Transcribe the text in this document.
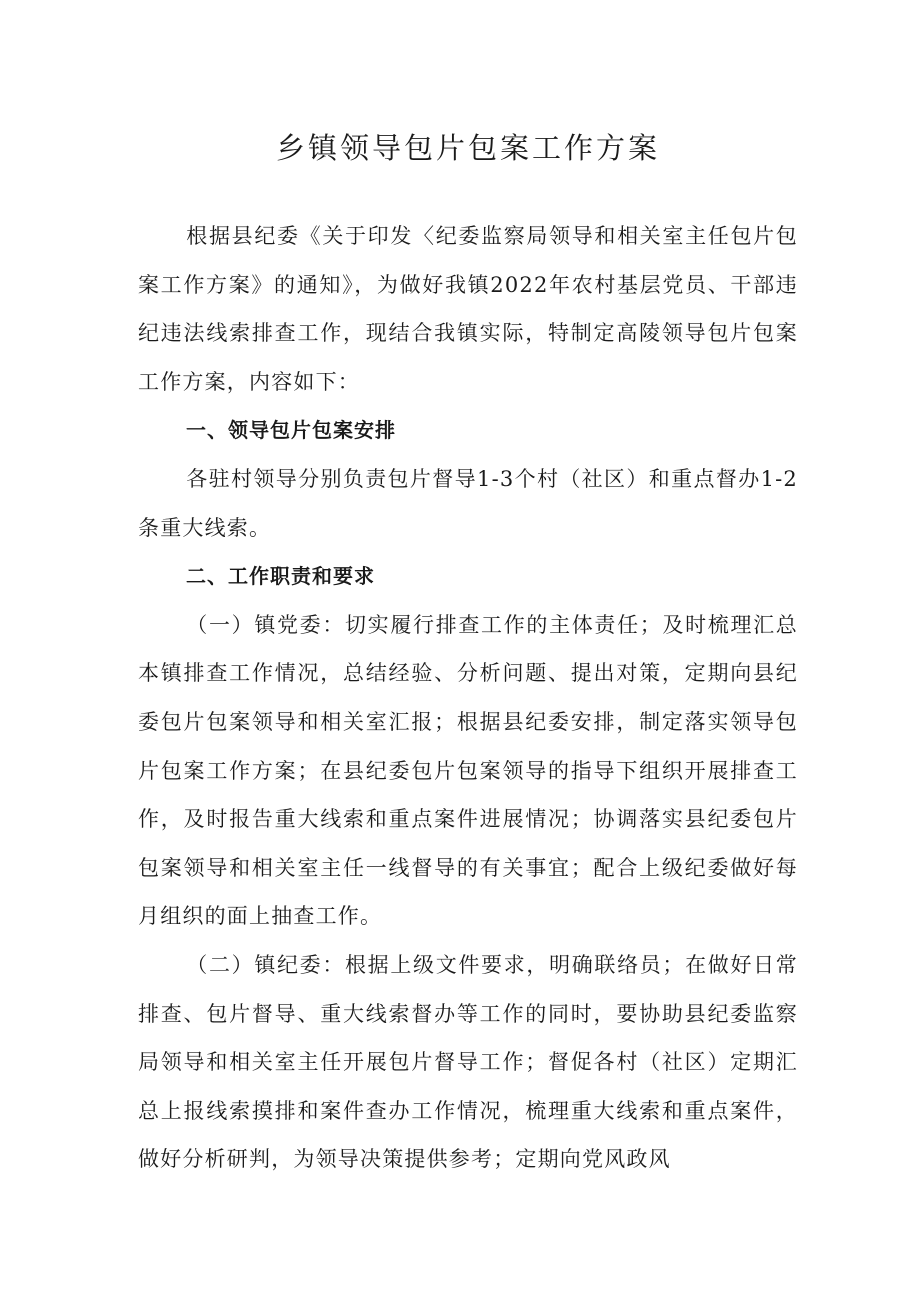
乡镇领导包片包案工作方案

根据县纪委《关于印发〈纪委监察局领导和相关室主任包片包案工作方案》的通知》，为做好我镇2022年农村基层党员、干部违纪违法线索排查工作，现结合我镇实际，特制定高陵领导包片包案工作方案，内容如下：

一、领导包片包案安排

各驻村领导分别负责包片督导1-3个村（社区）和重点督办1-2条重大线索。

二、工作职责和要求

（一）镇党委：切实履行排查工作的主体责任；及时梳理汇总本镇排查工作情况，总结经验、分析问题、提出对策，定期向县纪委包片包案领导和相关室汇报；根据县纪委安排，制定落实领导包片包案工作方案；在县纪委包片包案领导的指导下组织开展排查工作，及时报告重大线索和重点案件进展情况；协调落实县纪委包片包案领导和相关室主任一线督导的有关事宜；配合上级纪委做好每月组织的面上抽查工作。

（二）镇纪委：根据上级文件要求，明确联络员；在做好日常排查、包片督导、重大线索督办等工作的同时，要协助县纪委监察局领导和相关室主任开展包片督导工作；督促各村（社区）定期汇总上报线索摸排和案件查办工作情况，梳理重大线索和重点案件，做好分析研判，为领导决策提供参考；定期向党风政风
